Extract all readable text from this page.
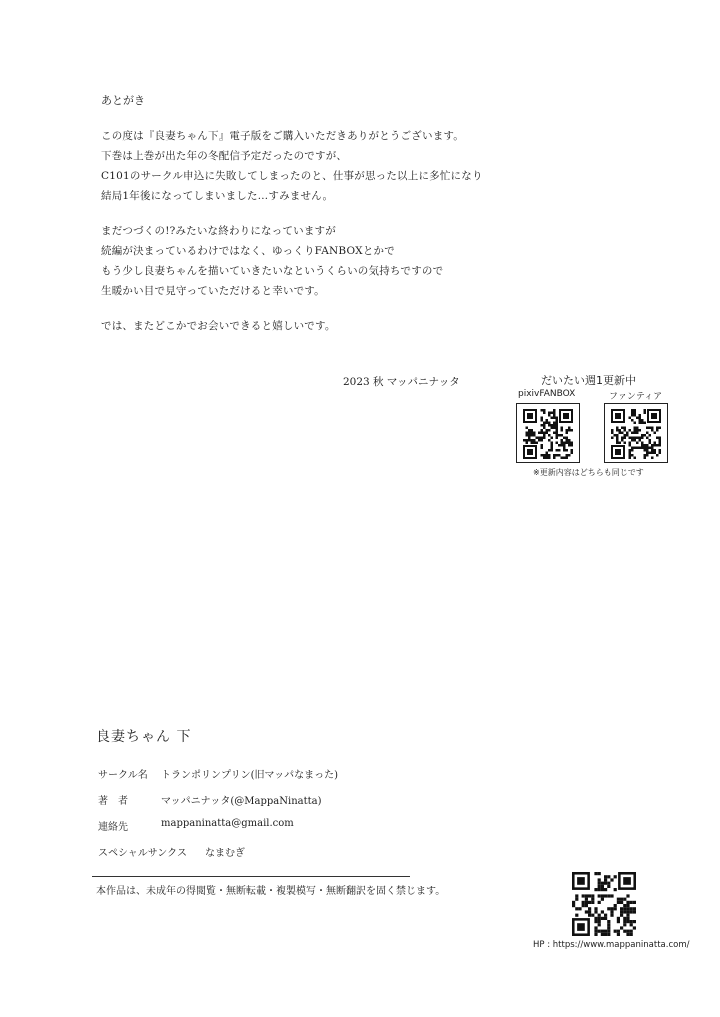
あとがき
この度は『良妻ちゃん下』電子版をご購入いただきありがとうございます。
下巻は上巻が出た年の冬配信予定だったのですが、
C101のサークル申込に失敗してしまったのと、仕事が思った以上に多忙になり
結局1年後になってしまいました…すみません。
まだつづくの!?みたいな終わりになっていますが
続編が決まっているわけではなく、ゆっくりFANBOXとかで
もう少し良妻ちゃんを描いていきたいなというくらいの気持ちですので
生暖かい目で見守っていただけると幸いです。
では、またどこかでお会いできると嬉しいです。
2023 秋 マッパニナッタ	だいたい週1更新中
pixivFANBOX	ファンティア
※更新内容はどちらも同じです
良妻ちゃん 下
サークル名 トランポリンプリン(旧マッパなまった)
著　者	マッパニナッタ(@MappaNinatta)
連絡先	mappaninatta@gmail.com
スペシャルサンクス なまむぎ
本作品は、未成年の得閲覧・無断転載・複製模写・無断翻訳を固く禁じます。
HP : https://www.mappaninatta.com/
